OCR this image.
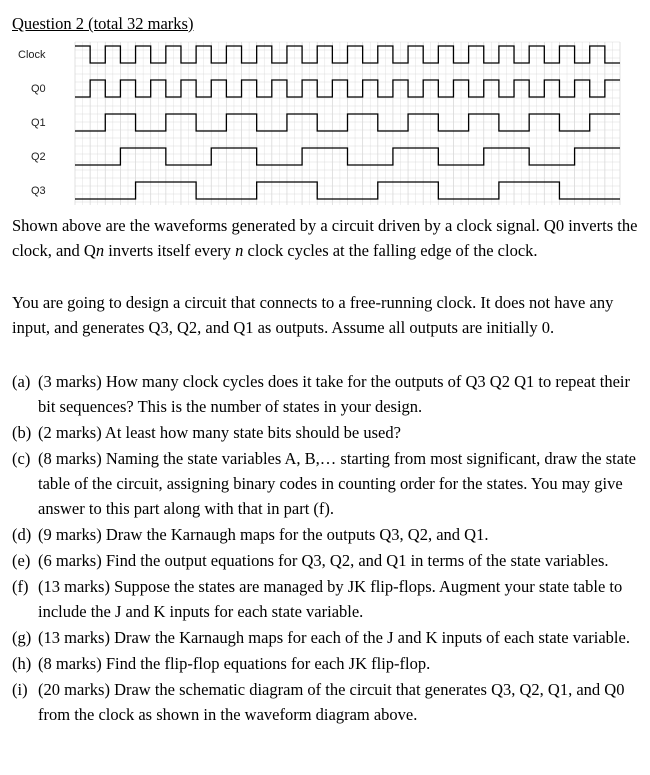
Question 2 (total 32 marks)
Clock
Q0
Q1
Q2
Q3
Shown above are the waveforms generated by a circuit driven by a clock signal. Q0 inverts the clock, and Qn inverts itself every n clock cycles at the falling edge of the clock.
You are going to design a circuit that connects to a free-running clock. It does not have any input, and generates Q3, Q2, and Q1 as outputs. Assume all outputs are initially 0.
(a) (3 marks) How many clock cycles does it take for the outputs of Q3 Q2 Q1 to repeat their bit sequences? This is the number of states in your design.
(b) (2 marks) At least how many state bits should be used?
(c) (8 marks) Naming the state variables A, B,… starting from most significant, draw the state table of the circuit, assigning binary codes in counting order for the states. You may give answer to this part along with that in part (f).
(d) (9 marks) Draw the Karnaugh maps for the outputs Q3, Q2, and Q1.
(e) (6 marks) Find the output equations for Q3, Q2, and Q1 in terms of the state variables.
(f) (13 marks) Suppose the states are managed by JK flip-flops. Augment your state table to include the J and K inputs for each state variable.
(g) (13 marks) Draw the Karnaugh maps for each of the J and K inputs of each state variable.
(h) (8 marks) Find the flip-flop equations for each JK flip-flop.
(i) (20 marks) Draw the schematic diagram of the circuit that generates Q3, Q2, Q1, and Q0 from the clock as shown in the waveform diagram above.
